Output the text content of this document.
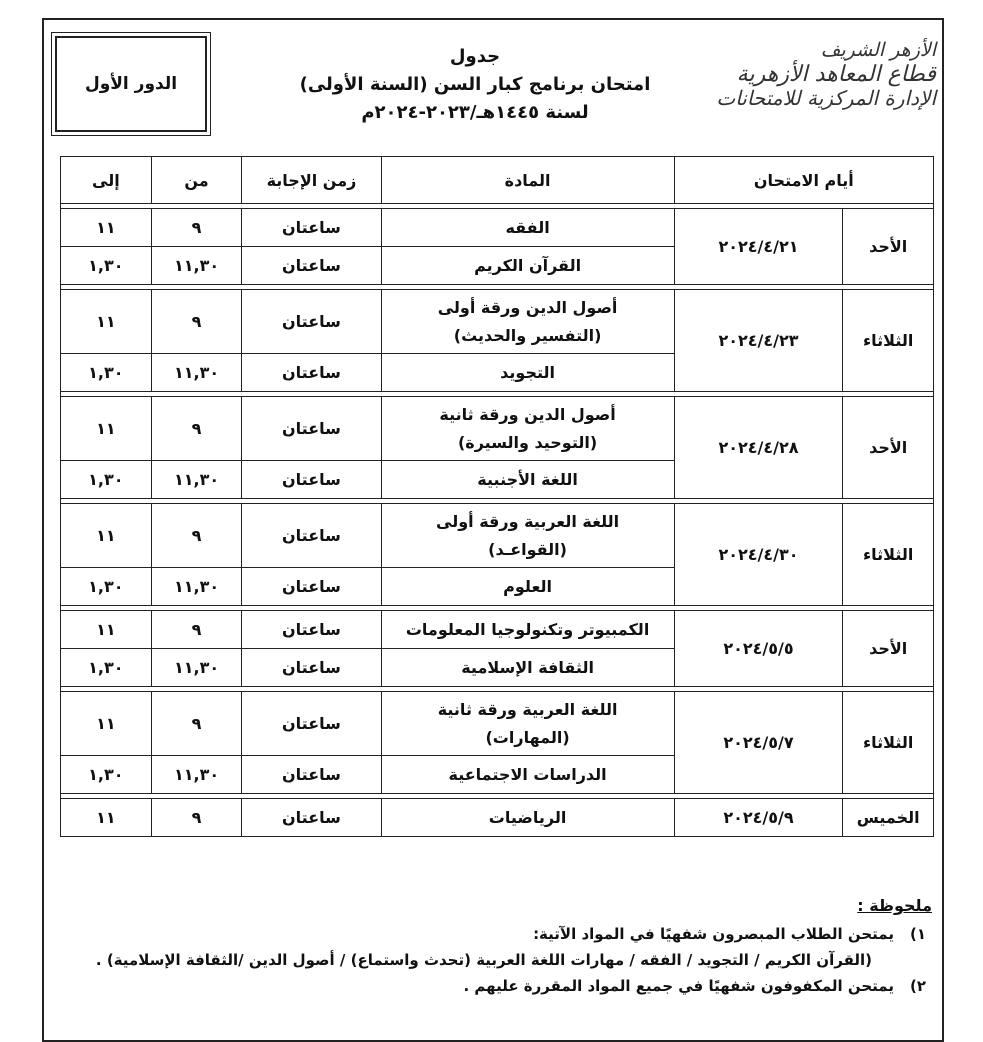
الدور الأول
جدول
امتحان برنامج كبار السن (السنة الأولى)
لسنة ١٤٤٥هـ/٢٠٢٣-٢٠٢٤م
الأزهر الشريف
قطاع المعاهد الأزهرية
الإدارة المركزية للامتحانات
أيام الامتحان		المادة	زمن الإجابة	من	إلى

الأحد	٢٠٢٤/٤/٢١	الفقه	ساعتان	٩	١١

		القرآن الكريم	ساعتان	١١,٣٠	١,٣٠

الثلاثاء	٢٠٢٤/٤/٢٣	أصول الدين ورقة أولى
(التفسير والحديث)	ساعتان	٩	١١

		التجويد	ساعتان	١١,٣٠	١,٣٠

الأحد	٢٠٢٤/٤/٢٨	أصول الدين ورقة ثانية
(التوحيد والسيرة)	ساعتان	٩	١١

		اللغة الأجنبية	ساعتان	١١,٣٠	١,٣٠

الثلاثاء	٢٠٢٤/٤/٣٠	اللغة العربية ورقة أولى
(القواعـد)	ساعتان	٩	١١

		العلوم	ساعتان	١١,٣٠	١,٣٠

الأحد	٢٠٢٤/٥/٥	الكمبيوتر وتكنولوجيا المعلومات	ساعتان	٩	١١

		الثقافة الإسلامية	ساعتان	١١,٣٠	١,٣٠

الثلاثاء	٢٠٢٤/٥/٧	اللغة العربية ورقة ثانية
(المهارات)	ساعتان	٩	١١

		الدراسات الاجتماعية	ساعتان	١١,٣٠	١,٣٠

الخميس	٢٠٢٤/٥/٩	الرياضيات	ساعتان	٩	١١
ملحوظة :
١)
يمتحن الطلاب المبصرون شفهيًا في المواد الآتية:
(القرآن الكريم / التجويد / الفقه / مهارات اللغة العربية (تحدث واستماع) / أصول الدين /الثقافة الإسلامية) .
٢)
يمتحن المكفوفون شفهيًا في جميع المواد المقررة عليهم .
